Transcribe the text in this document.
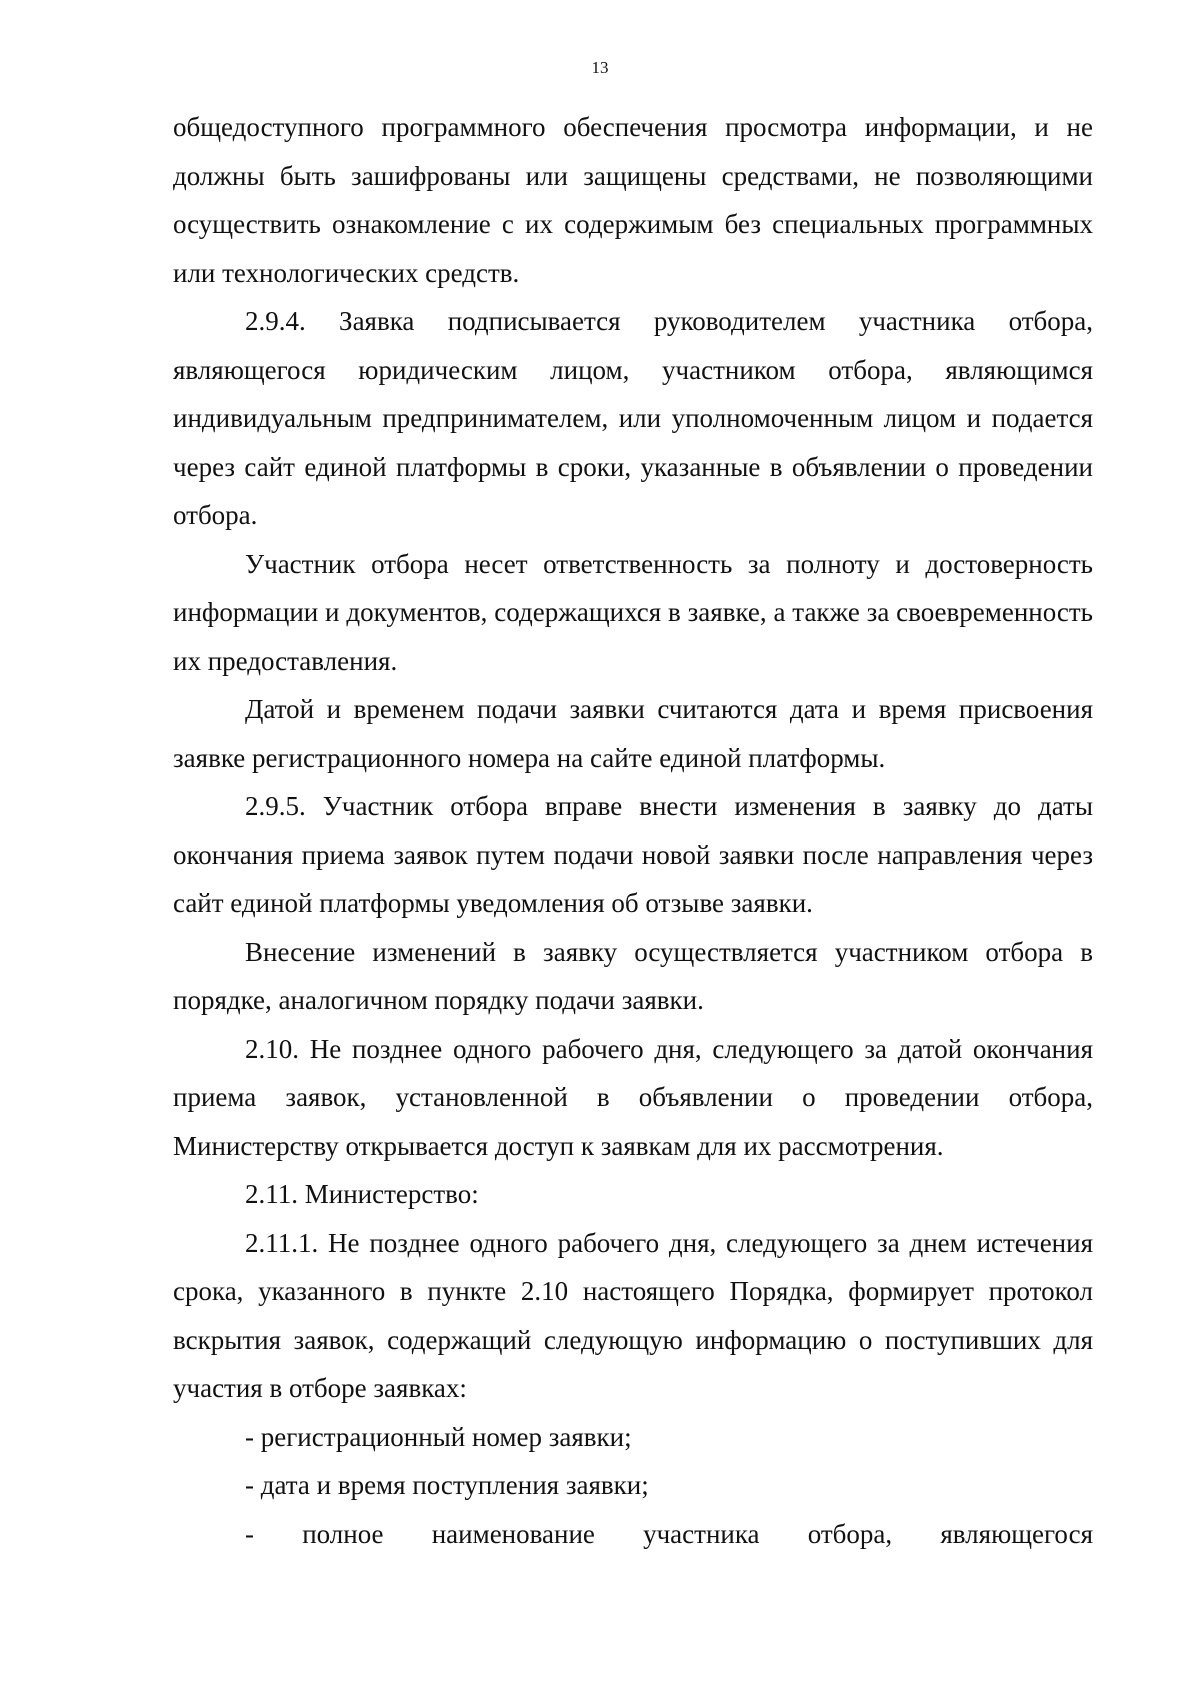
13

общедоступного программного обеспечения просмотра информации, и не должны быть зашифрованы или защищены средствами, не позволяющими осуществить ознакомление с их содержимым без специальных программных или технологических средств.

2.9.4. Заявка подписывается руководителем участника отбора, являющегося юридическим лицом, участником отбора, являющимся индивидуальным предпринимателем, или уполномоченным лицом и подается через сайт единой платформы в сроки, указанные в объявлении о проведении отбора.

Участник отбора несет ответственность за полноту и достоверность информации и документов, содержащихся в заявке, а также за своевременность их предоставления.

Датой и временем подачи заявки считаются дата и время присвоения заявке регистрационного номера на сайте единой платформы.

2.9.5. Участник отбора вправе внести изменения в заявку до даты окончания приема заявок путем подачи новой заявки после направления через сайт единой платформы уведомления об отзыве заявки.

Внесение изменений в заявку осуществляется участником отбора в порядке, аналогичном порядку подачи заявки.

2.10. Не позднее одного рабочего дня, следующего за датой окончания приема заявок, установленной в объявлении о проведении отбора, Министерству открывается доступ к заявкам для их рассмотрения.

2.11. Министерство:

2.11.1. Не позднее одного рабочего дня, следующего за днем истечения срока, указанного в пункте 2.10 настоящего Порядка, формирует протокол вскрытия заявок, содержащий следующую информацию о поступивших для участия в отборе заявках:

- регистрационный номер заявки;

- дата и время поступления заявки;

- полное наименование участника отбора, являющегося
